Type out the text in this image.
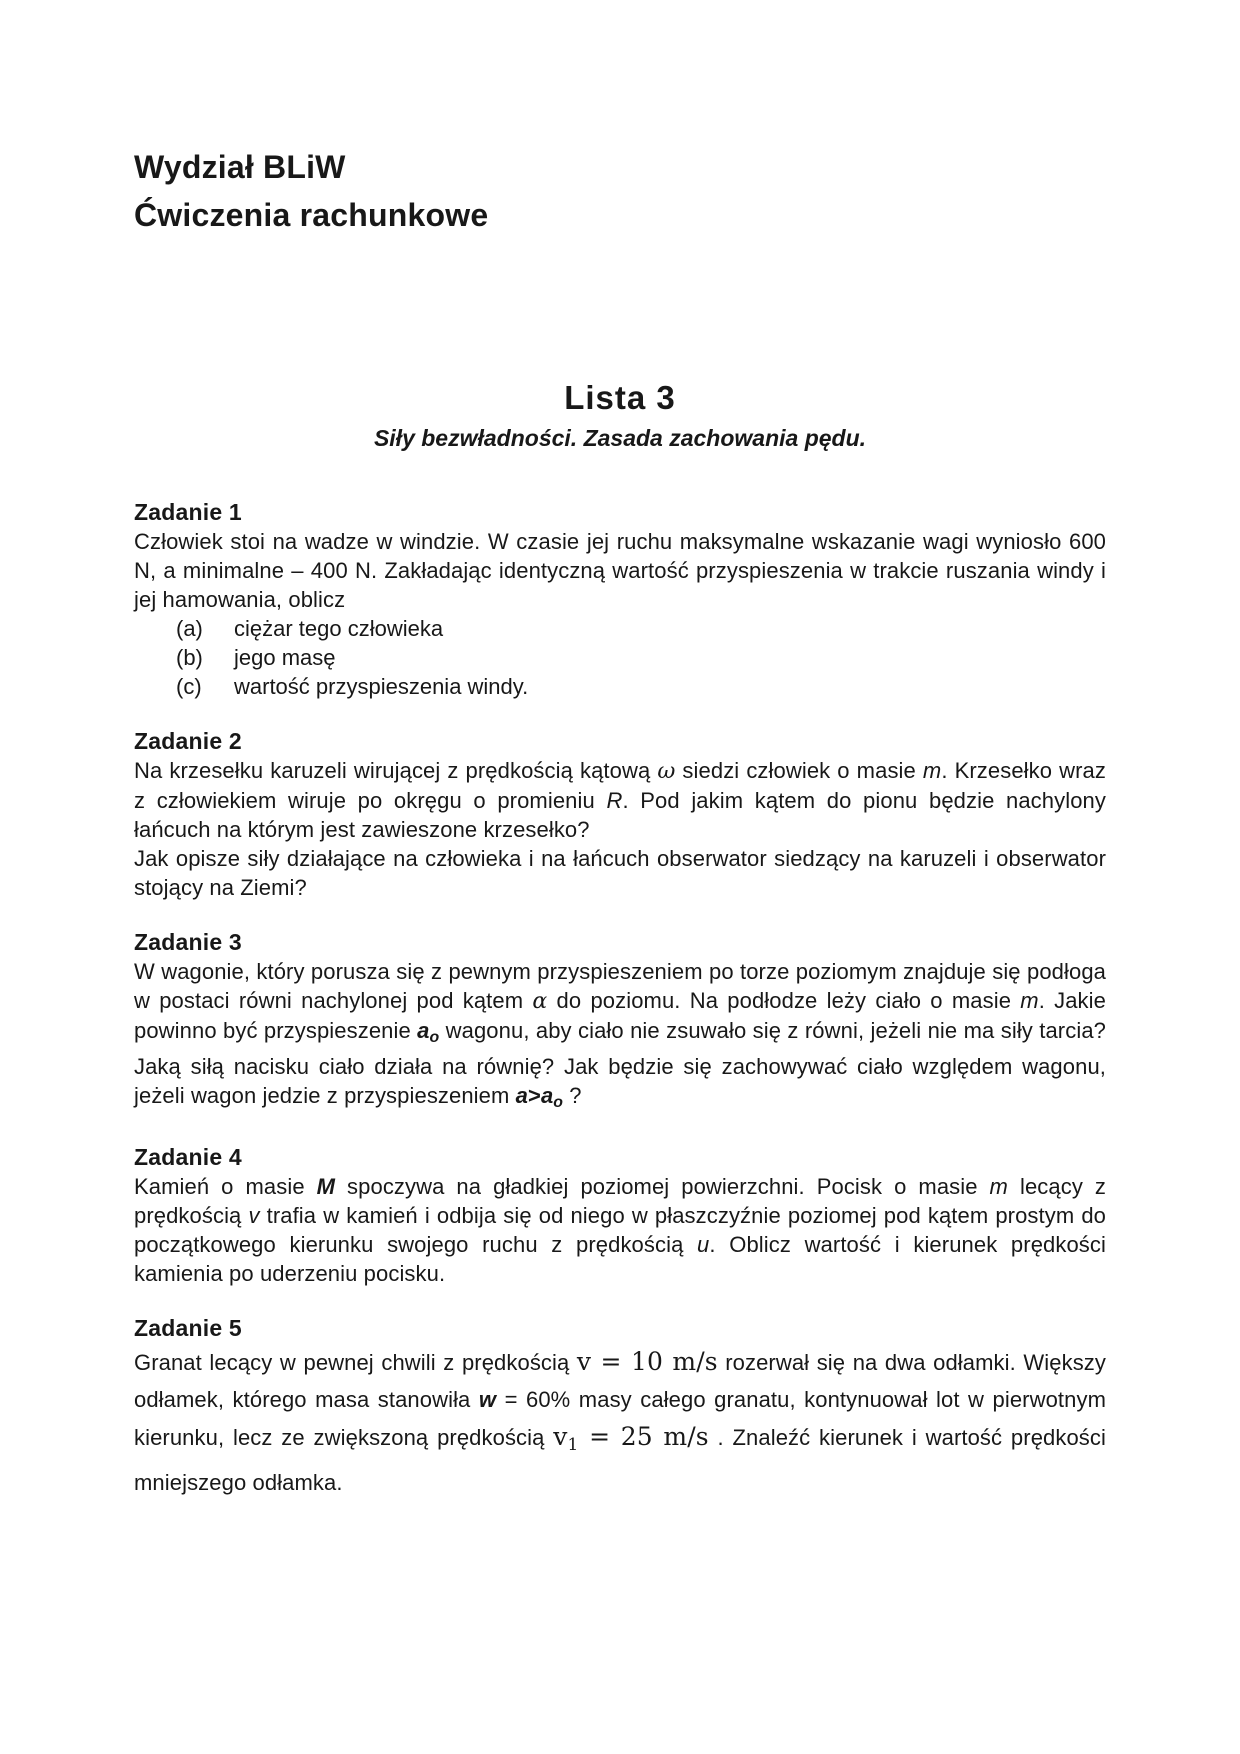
Wydział BLiW
Ćwiczenia rachunkowe
Lista 3
Siły bezwładności. Zasada zachowania pędu.
Zadanie 1

Człowiek stoi na wadze w windzie. W czasie jej ruchu maksymalne wskazanie wagi wyniosło 600 N, a minimalne – 400 N. Zakładając identyczną wartość przyspieszenia w trakcie ruszania windy i jej hamowania, oblicz

(a)	ciężar tego człowieka
(b)	jego masę
(c)	wartość przyspieszenia windy.
Zadanie 2

Na krzesełku karuzeli wirującej z prędkością kątową ω siedzi człowiek o masie m. Krzesełko wraz z człowiekiem wiruje po okręgu o promieniu R. Pod jakim kątem do pionu będzie nachylony łańcuch na którym jest zawieszone krzesełko?

Jak opisze siły działające na człowieka i na łańcuch obserwator siedzący na karuzeli i obserwator stojący na Ziemi?

Zadanie 3

W wagonie, który porusza się z pewnym przyspieszeniem po torze poziomym znajduje się podłoga w postaci równi nachylonej pod kątem α do poziomu. Na podłodze leży ciało o masie m. Jakie powinno być przyspieszenie ao wagonu, aby ciało nie zsuwało się z równi, jeżeli nie ma siły tarcia? Jaką siłą nacisku ciało działa na równię? Jak będzie się zachowywać ciało względem wagonu, jeżeli wagon jedzie z przyspieszeniem a>ao ?

Zadanie 4

Kamień o masie M spoczywa na gładkiej poziomej powierzchni. Pocisk o masie m lecący z prędkością v trafia w kamień i odbija się od niego w płaszczyźnie poziomej pod kątem prostym do początkowego kierunku swojego ruchu z prędkością u. Oblicz wartość i kierunek prędkości kamienia po uderzeniu pocisku.

Zadanie 5

Granat lecący w pewnej chwili z prędkością v = 10 m/s rozerwał się na dwa odłamki. Większy odłamek, którego masa stanowiła w = 60% masy całego granatu, kontynuował lot w pierwotnym kierunku, lecz ze zwiększoną prędkością $v_1 = 25$ m/s . Znaleźć kierunek i wartość prędkości mniejszego odłamka.
